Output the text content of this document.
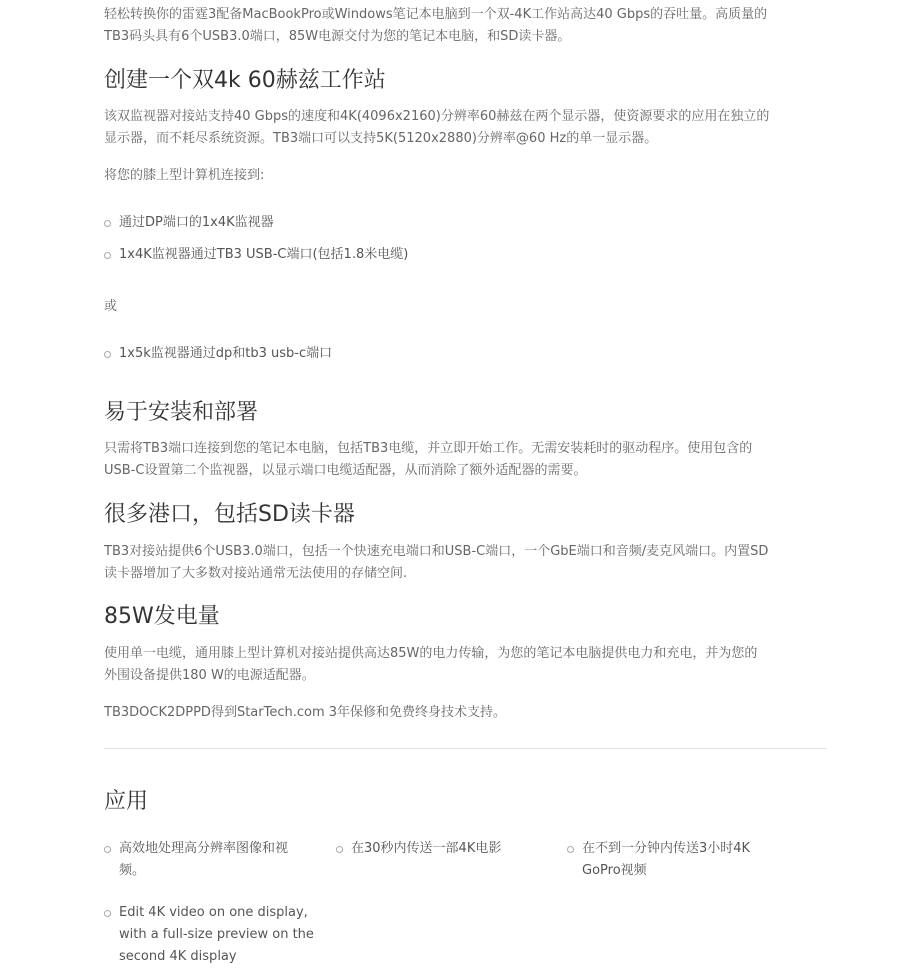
轻松转换你的雷霆3配备MacBookPro或Windows笔记本电脑到一个双-4K工作站高达40 Gbps的吞吐量。高质量的

TB3码头具有6个USB3.0端口，85W电源交付为您的笔记本电脑，和SD读卡器。

创建一个双4k 60赫兹工作站

该双监视器对接站支持40 Gbps的速度和4K(4096x2160)分辨率60赫兹在两个显示器，使资源要求的应用在独立的

显示器，而不耗尽系统资源。TB3端口可以支持5K(5120x2880)分辨率@60 Hz的单一显示器。

将您的膝上型计算机连接到:

通过DP端口的1x4K监视器
1x4K监视器通过TB3 USB-C端口(包括1.8米电缆)

或

1x5k监视器通过dp和tb3 usb-c端口
易于安装和部署

只需将TB3端口连接到您的笔记本电脑，包括TB3电缆，并立即开始工作。无需安装耗时的驱动程序。使用包含的

USB-C设置第二个监视器，以显示端口电缆适配器，从而消除了额外适配器的需要。

很多港口，包括SD读卡器

TB3对接站提供6个USB3.0端口，包括一个快速充电端口和USB-C端口，一个GbE端口和音频/麦克风端口。内置SD

读卡器增加了大多数对接站通常无法使用的存储空间.

85W发电量

使用单一电缆，通用膝上型计算机对接站提供高达85W的电力传输，为您的笔记本电脑提供电力和充电，并为您的

外围设备提供180 W的电源适配器。

TB3DOCK2DPPD得到StarTech.com 3年保修和免费终身技术支持。

应用
高效地处理高分辨率图像和视
频。
在30秒内传送一部4K电影	在不到一分钟内传送3小时4K
GoPro视频
Edit 4K video on one display,
with a full-size preview on the
second 4K display
